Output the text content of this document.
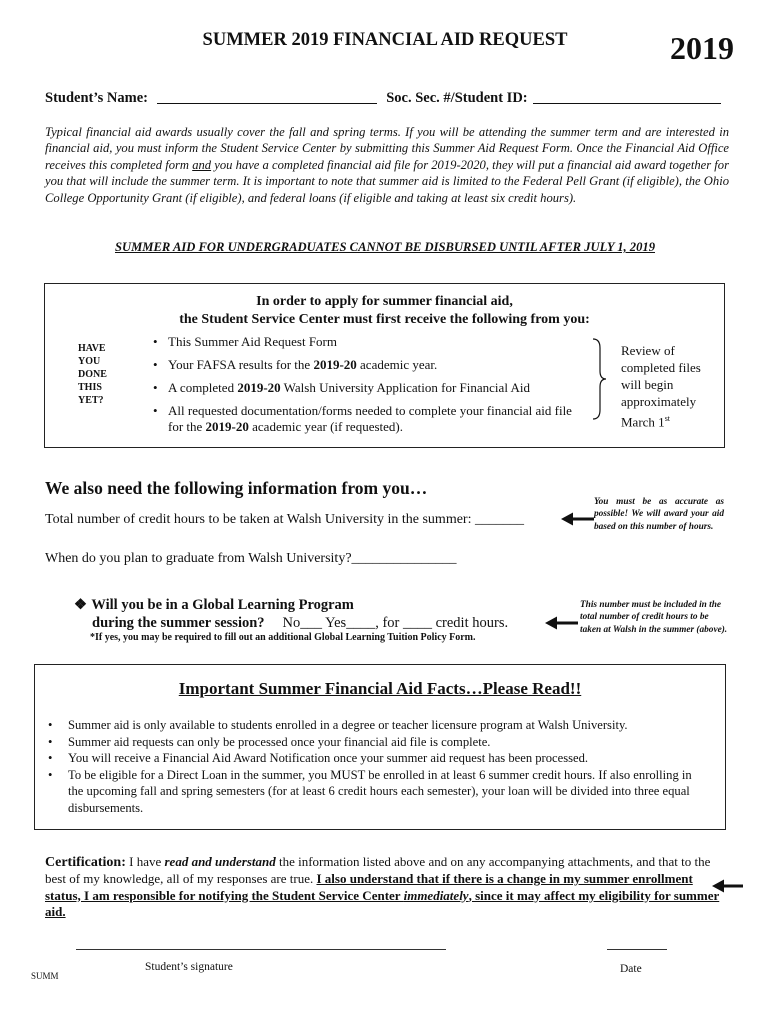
SUMMER 2019 FINANCIAL AID REQUEST	2019
Student’s Name:	Soc. Sec. #/Student ID:
Typical financial aid awards usually cover the fall and spring terms. If you will be attending the summer term and are interested in financial aid, you must inform the Student Service Center by submitting this Summer Aid Request Form. Once the Financial Aid Office receives this completed form and you have a completed financial aid file for 2019-2020, they will put a financial aid award together for you that will include the summer term. It is important to note that summer aid is limited to the Federal Pell Grant (if eligible), the Ohio College Opportunity Grant (if eligible), and federal loans (if eligible and taking at least six credit hours).
SUMMER AID FOR UNDERGRADUATES CANNOT BE DISBURSED UNTIL AFTER JULY 1, 2019
In order to apply for summer financial aid,
the Student Service Center must first receive the following from you:
HAVE
YOU
DONE
THIS
YET?
• This Summer Aid Request Form
• Your FAFSA results for the 2019-20 academic year.
• A completed 2019-20 Walsh University Application for Financial Aid
• All requested documentation/forms needed to complete your financial aid file for the 2019-20 academic year (if requested).
Review of completed files will begin approximately March 1st
We also need the following information from you…
Total number of credit hours to be taken at Walsh University in the summer: _______
You must be as accurate as possible! We will award your aid based on this number of hours.
When do you plan to graduate from Walsh University?_______________
❖ Will you be in a Global Learning Program
during the summer session? No___ Yes____, for ____ credit hours.
This number must be included in the total number of credit hours to be taken at Walsh in the summer (above).
*If yes, you may be required to fill out an additional Global Learning Tuition Policy Form.
Important Summer Financial Aid Facts…Please Read!!
• Summer aid is only available to students enrolled in a degree or teacher licensure program at Walsh University.
• Summer aid requests can only be processed once your financial aid file is complete.
• You will receive a Financial Aid Award Notification once your summer aid request has been processed.
• To be eligible for a Direct Loan in the summer, you MUST be enrolled in at least 6 summer credit hours. If also enrolling in the upcoming fall and spring semesters (for at least 6 credit hours each semester), your loan will be divided into three equal disbursements.
Certification: I have read and understand the information listed above and on any accompanying attachments, and that to the best of my knowledge, all of my responses are true. I also understand that if there is a change in my summer enrollment status, I am responsible for notifying the Student Service Center immediately, since it may affect my eligibility for summer aid.
Student’s signature	Date
SUMM
